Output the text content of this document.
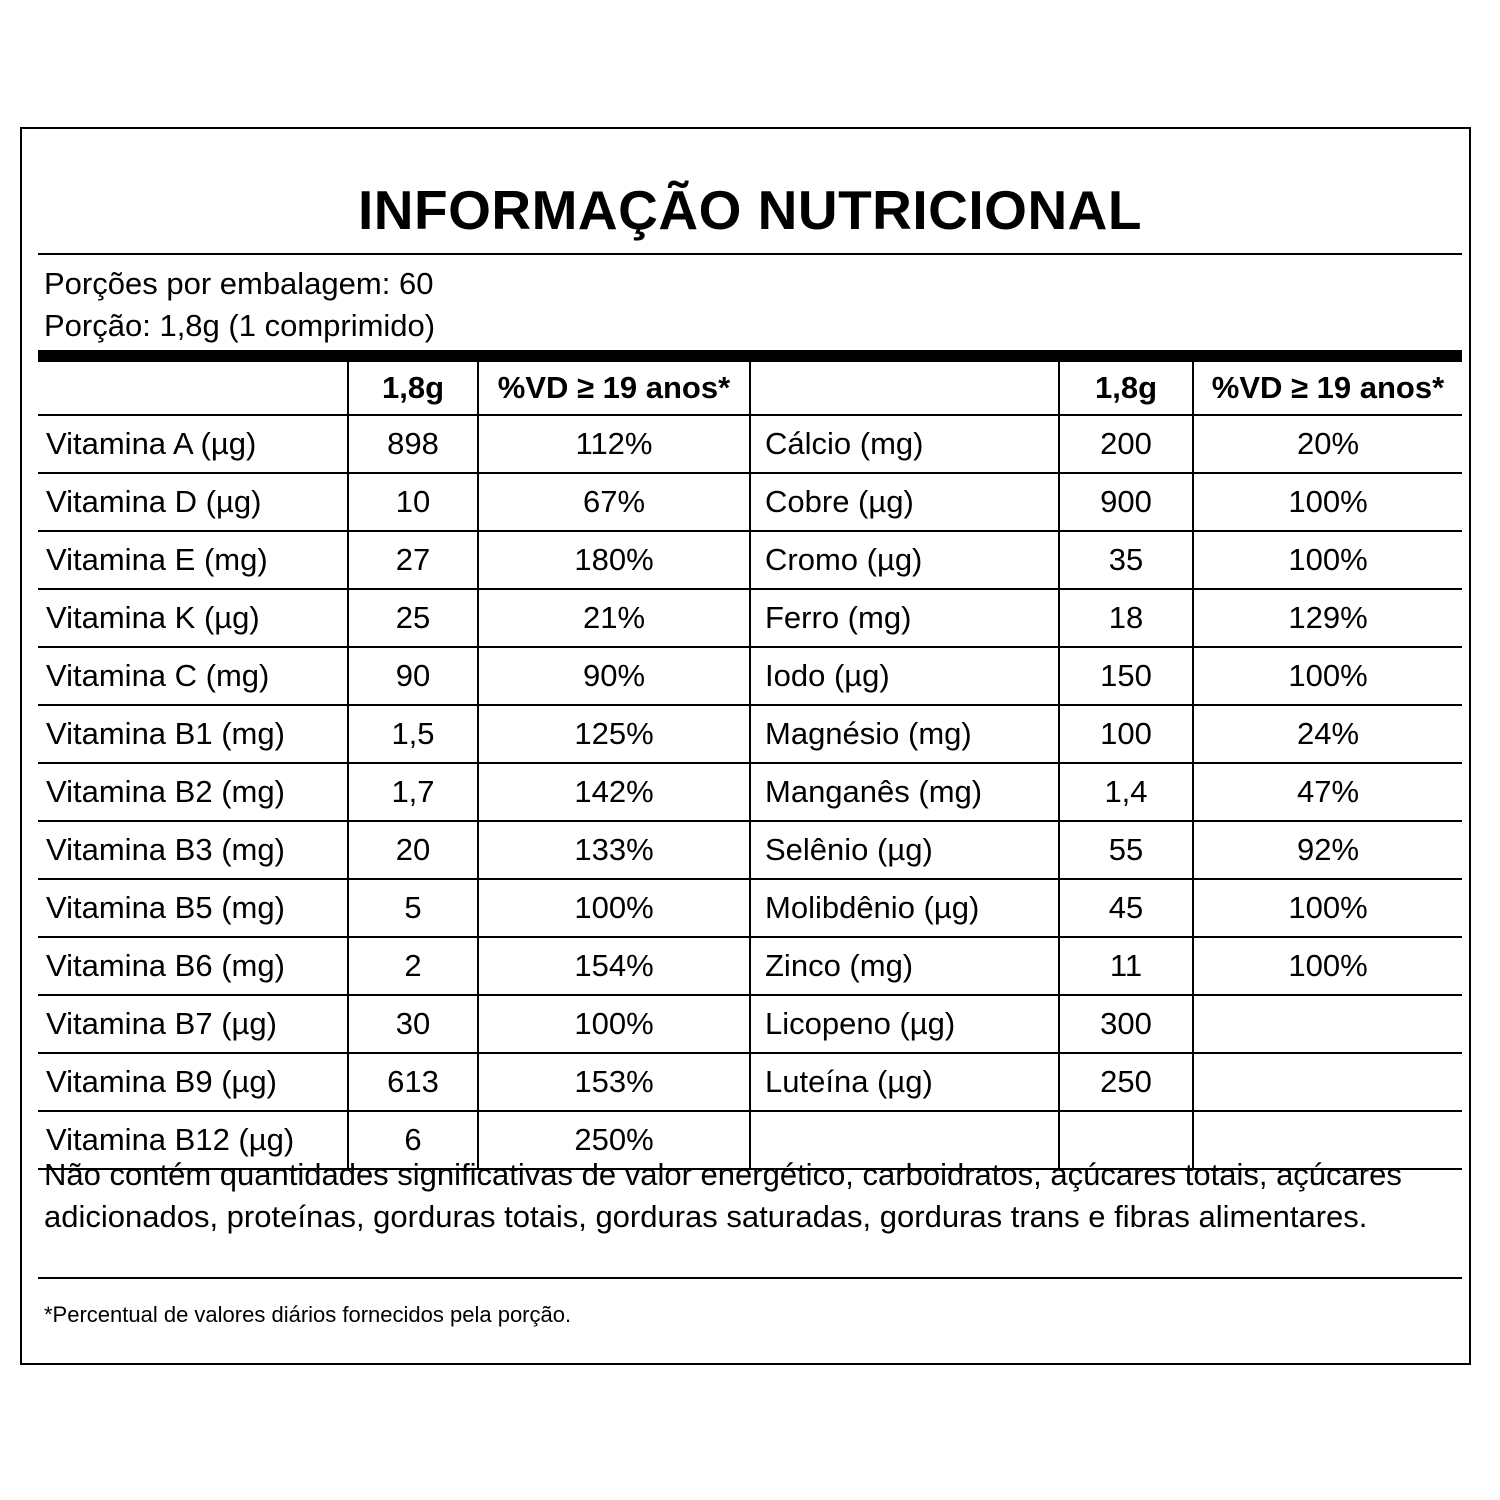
INFORMAÇÃO NUTRICIONAL
Porções por embalagem: 60
Porção: 1,8g (1 comprimido)
	1,8g	%VD ≥ 19 anos*		1,8g	%VD ≥ 19 anos*
Vitamina A (µg)	898	112%	Cálcio (mg)	200	20%
Vitamina D (µg)	10	67%	Cobre (µg)	900	100%
Vitamina E (mg)	27	180%	Cromo (µg)	35	100%
Vitamina K (µg)	25	21%	Ferro (mg)	18	129%
Vitamina C (mg)	90	90%	Iodo (µg)	150	100%
Vitamina B1 (mg)	1,5	125%	Magnésio (mg)	100	24%
Vitamina B2 (mg)	1,7	142%	Manganês (mg)	1,4	47%
Vitamina B3 (mg)	20	133%	Selênio (µg)	55	92%
Vitamina B5 (mg)	5	100%	Molibdênio (µg)	45	100%
Vitamina B6 (mg)	2	154%	Zinco (mg)	11	100%
Vitamina B7 (µg)	30	100%	Licopeno (µg)	300	
Vitamina B9 (µg)	613	153%	Luteína (µg)	250	
Vitamina B12 (µg)	6	250%			
Não contém quantidades significativas de valor energético, carboidratos, açúcares totais, açúcares adicionados, proteínas, gorduras totais, gorduras saturadas, gorduras trans e fibras alimentares.
*Percentual de valores diários fornecidos pela porção.
